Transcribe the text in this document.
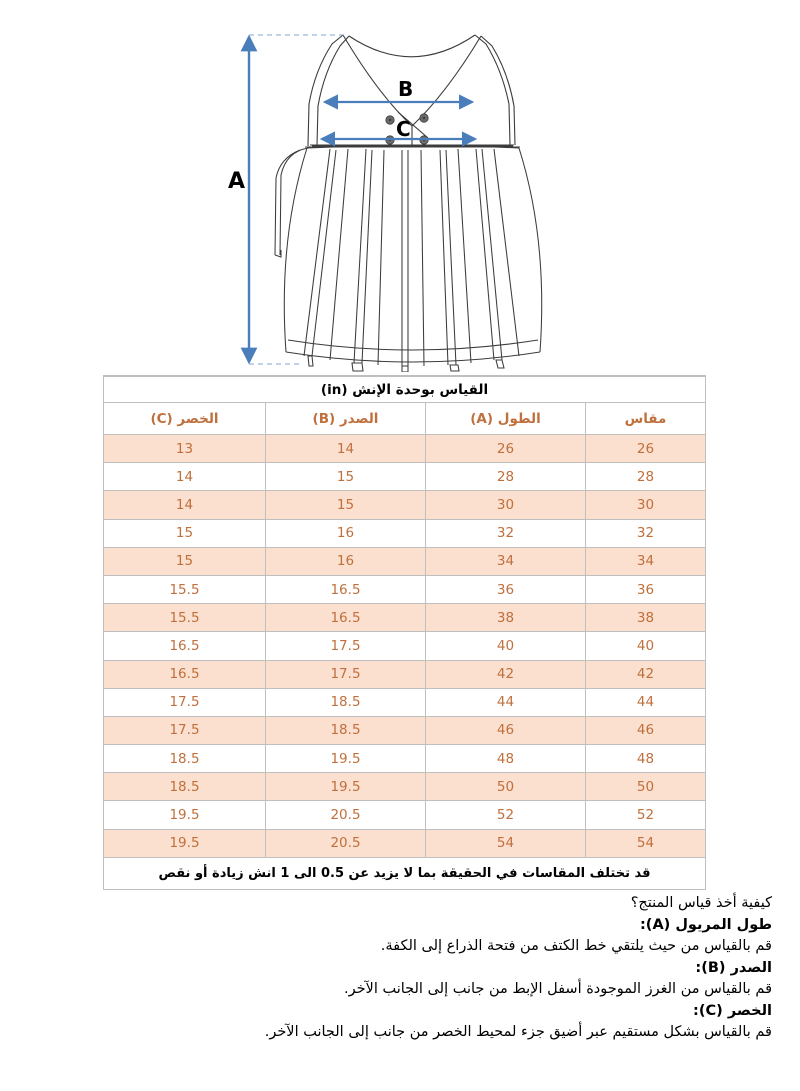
A
B
C
القياس بوحدة الإنش (in)			
الخصر (C)	الصدر (B)	الطول (A)	مقاس
13	14	26	26
14	15	28	28
14	15	30	30
15	16	32	32
15	16	34	34
15.5	16.5	36	36
15.5	16.5	38	38
16.5	17.5	40	40
16.5	17.5	42	42
17.5	18.5	44	44
17.5	18.5	46	46
18.5	19.5	48	48
18.5	19.5	50	50
19.5	20.5	52	52
19.5	20.5	54	54
قد تختلف المقاسات في الحقيقة بما لا يزيد عن 0.5 الى 1 انش زيادة أو نقص			
كيفية أخذ قياس المنتج؟
طول المريول (A):
قم بالقياس من حيث يلتقي خط الكتف من فتحة الذراع إلى الكفة.
الصدر (B):
قم بالقياس من الغرز الموجودة أسفل الإبط من جانب إلى الجانب الآخر.
الخصر (C):
قم بالقياس بشكل مستقيم عبر أضيق جزء لمحيط الخصر من جانب إلى الجانب الآخر.
